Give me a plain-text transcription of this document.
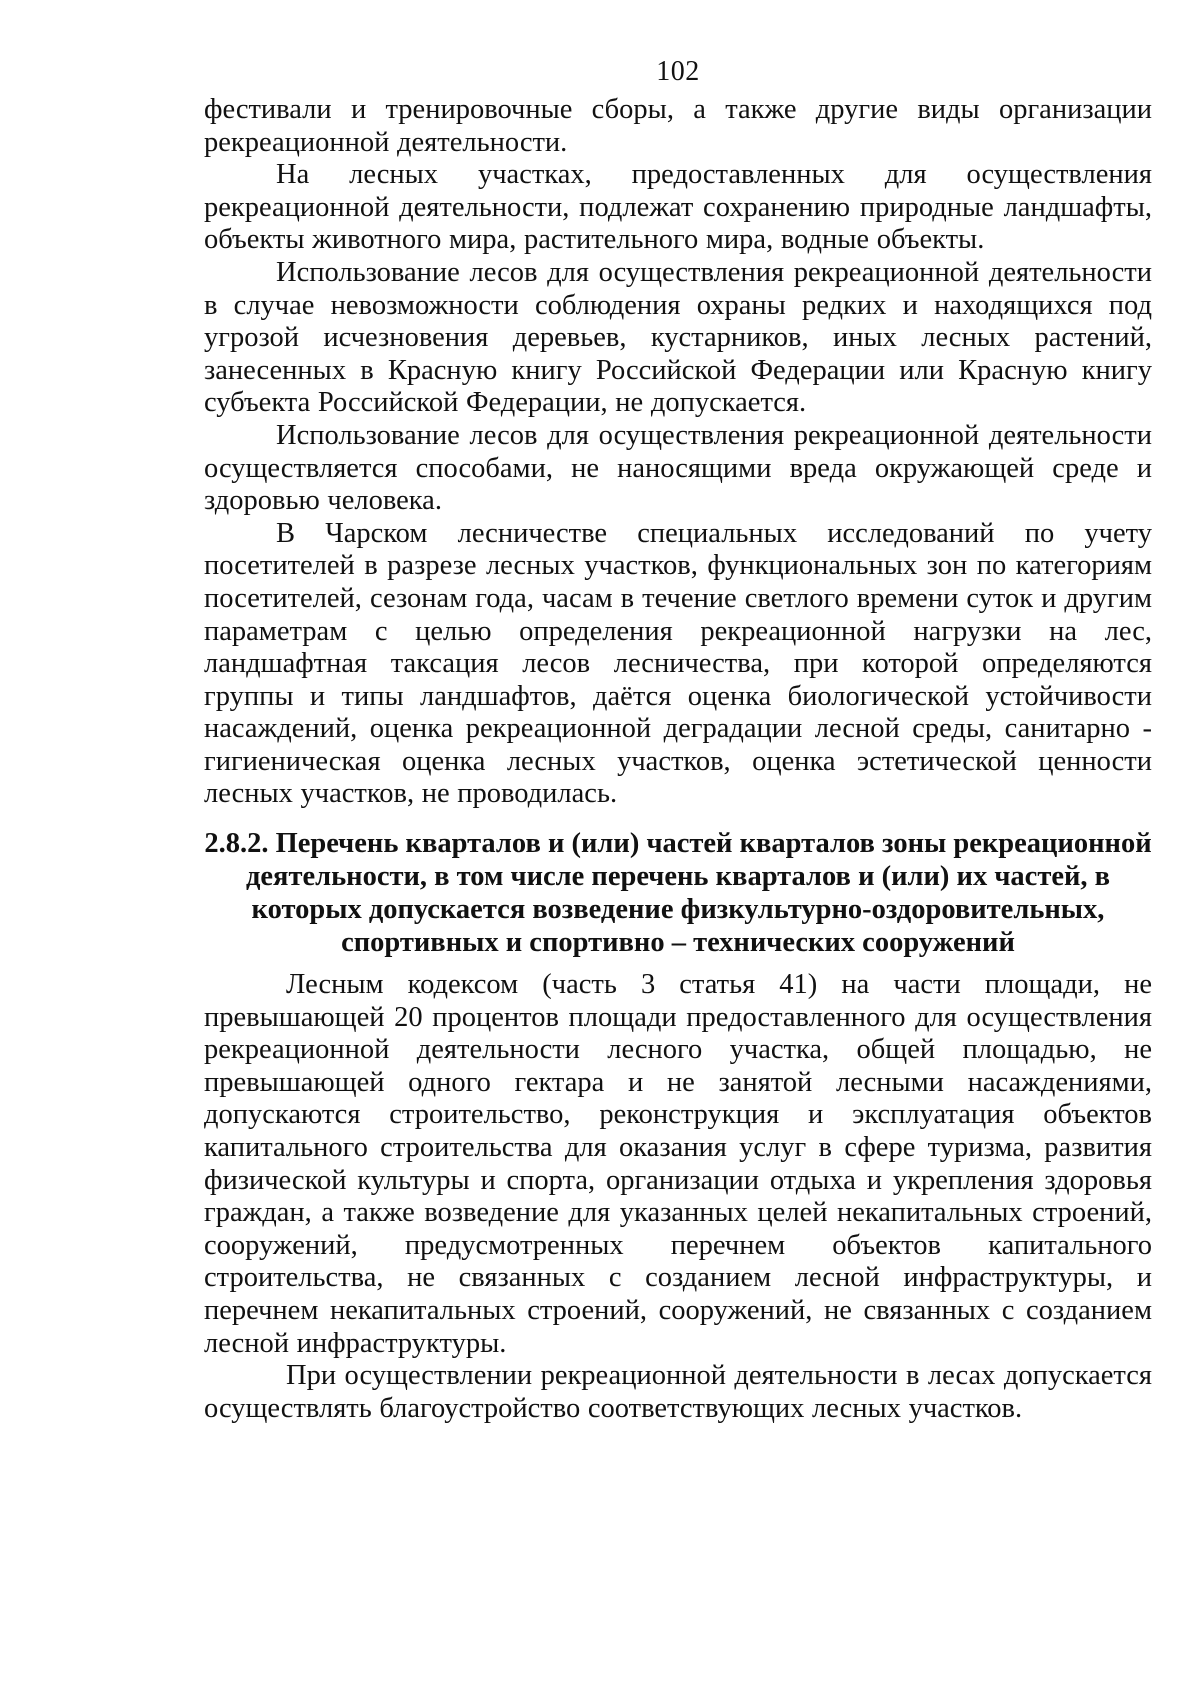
102

фестивали и тренировочные сборы, а также другие виды организации рекреационной деятельности.

На лесных участках, предоставленных для осуществления рекреационной деятельности, подлежат сохранению природные ландшафты, объекты животного мира, растительного мира, водные объекты.

Использование лесов для осуществления рекреационной деятельности в случае невозможности соблюдения охраны редких и находящихся под угрозой исчезновения деревьев, кустарников, иных лесных растений, занесенных в Красную книгу Российской Федерации или Красную книгу субъекта Российской Федерации, не допускается.

Использование лесов для осуществления рекреационной деятельности осуществляется способами, не наносящими вреда окружающей среде и здоровью человека.

В Чарском лесничестве специальных исследований по учету посетителей в разрезе лесных участков, функциональных зон по категориям посетителей, сезонам года, часам в течение светлого времени суток и другим параметрам с целью определения рекреационной нагрузки на лес, ландшафтная таксация лесов лесничества, при которой определяются группы и типы ландшафтов, даётся оценка биологической устойчивости насаждений, оценка рекреационной деградации лесной среды, санитарно - гигиеническая оценка лесных участков, оценка эстетической ценности лесных участков, не проводилась.

2.8.2. Перечень кварталов и (или) частей кварталов зоны рекреационной
деятельности, в том числе перечень кварталов и (или) их частей, в
которых допускается возведение физкультурно-оздоровительных,
спортивных и спортивно – технических сооружений

Лесным кодексом (часть 3 статья 41) на части площади, не превышающей 20 процентов площади предоставленного для осуществления рекреационной деятельности лесного участка, общей площадью, не превышающей одного гектара и не занятой лесными насаждениями, допускаются строительство, реконструкция и эксплуатация объектов капитального строительства для оказания услуг в сфере туризма, развития физической культуры и спорта, организации отдыха и укрепления здоровья граждан, а также возведение для указанных целей некапитальных строений, сооружений, предусмотренных перечнем объектов капитального строительства, не связанных с созданием лесной инфраструктуры, и перечнем некапитальных строений, сооружений, не связанных с созданием лесной инфраструктуры.

При осуществлении рекреационной деятельности в лесах допускается осуществлять благоустройство соответствующих лесных участков.
